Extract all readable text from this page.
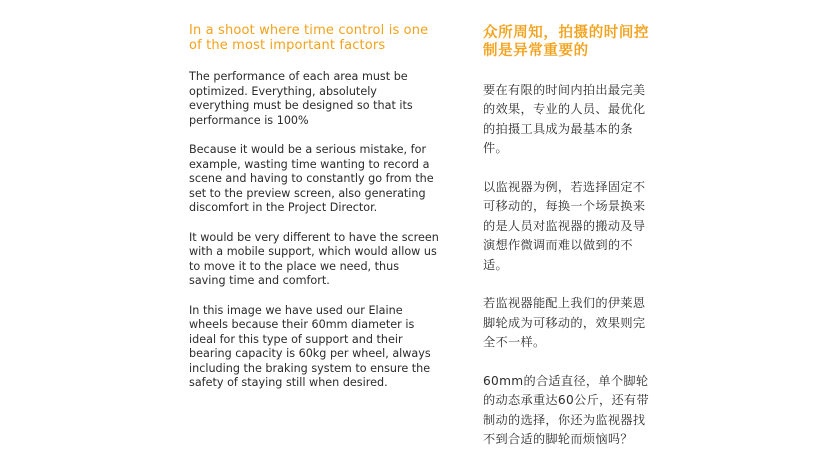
In a shoot where time control is one of the most important factors

The performance of each area must be optimized. Everything, absolutely everything must be designed so that its performance is 100%

Because it would be a serious mistake, for example, wasting time wanting to record a scene and having to constantly go from the set to the preview screen, also generating discomfort in the Project Director.

It would be very different to have the screen with a mobile support, which would allow us to move it to the place we need, thus saving time and comfort.

In this image we have used our Elaine wheels because their 60mm diameter is ideal for this type of support and their bearing capacity is 60kg per wheel, always including the braking system to ensure the safety of staying still when desired.

众所周知，拍摄的时间控制是异常重要的

要在有限的时间内拍出最完美的效果，专业的人员、最优化的拍摄工具成为最基本的条件。

以监视器为例，若选择固定不可移动的，每换一个场景换来的是人员对监视器的搬动及导演想作微调而难以做到的不适。

若监视器能配上我们的伊莱恩脚轮成为可移动的，效果则完全不一样。

60mm的合适直径，单个脚轮的动态承重达60公斤，还有带制动的选择，你还为监视器找不到合适的脚轮而烦恼吗？
